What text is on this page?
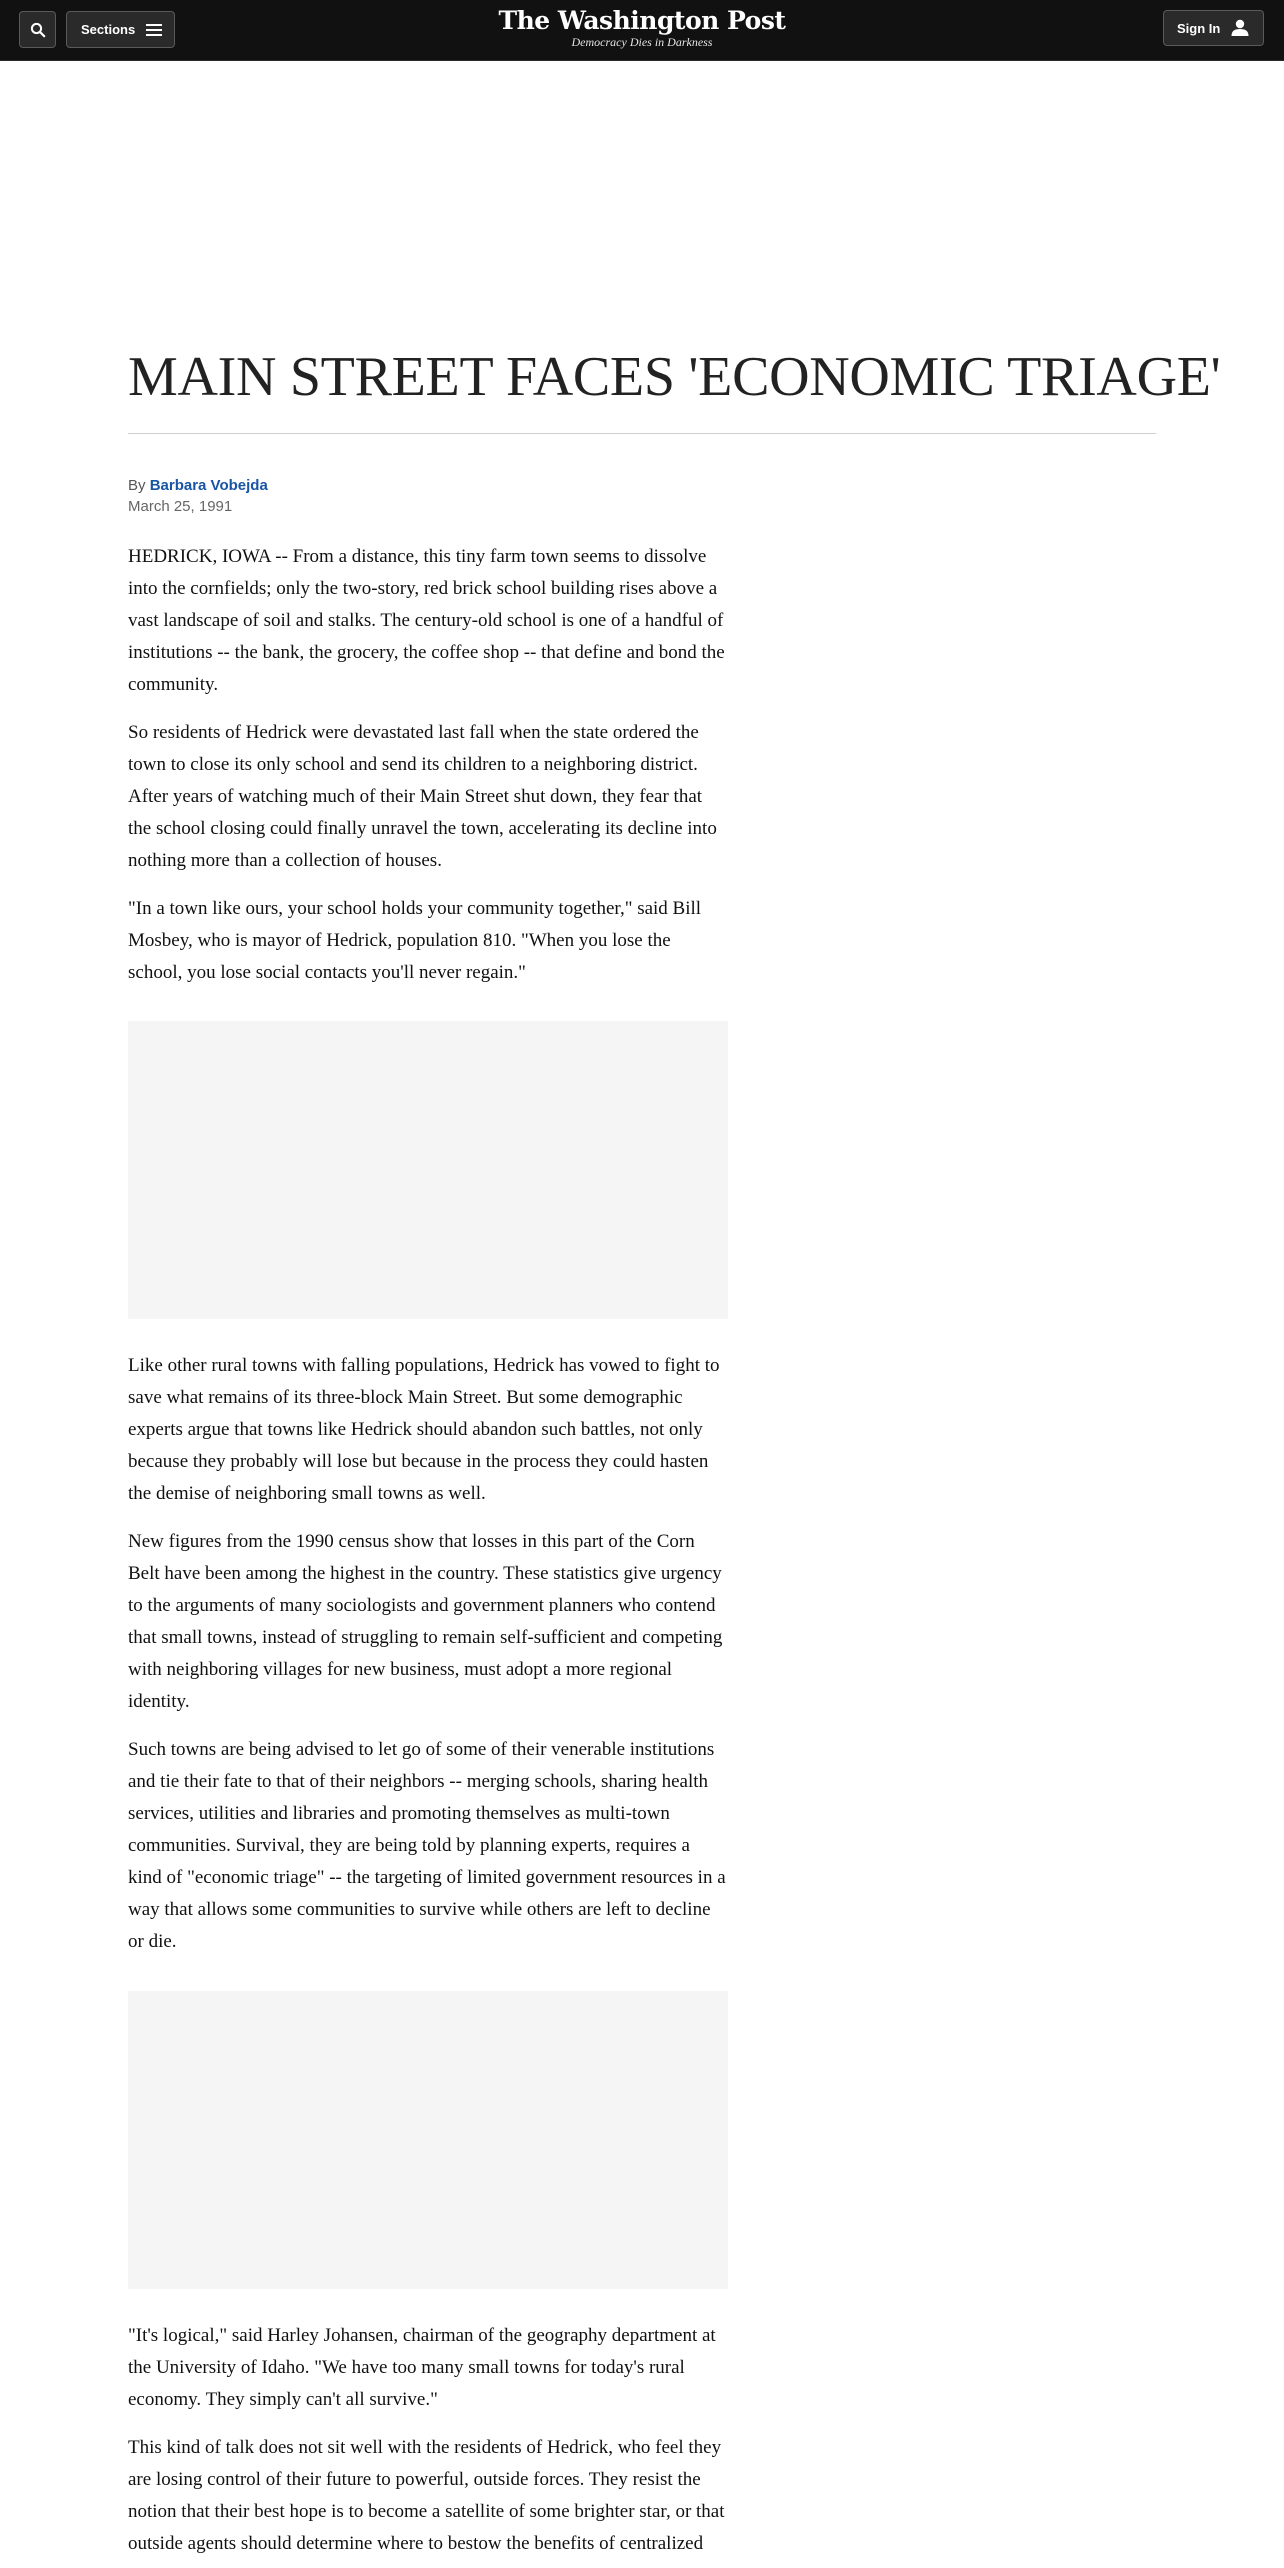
Sections	The Washington Post
Democracy Dies in Darkness
Sign In
MAIN STREET FACES 'ECONOMIC TRIAGE'
By Barbara Vobejda
March 25, 1991

HEDRICK, IOWA -- From a distance, this tiny farm town seems to dissolve into the cornfields; only the two-story, red brick school building rises above a vast landscape of soil and stalks. The century-old school is one of a handful of institutions -- the bank, the grocery, the coffee shop -- that define and bond the community.

So residents of Hedrick were devastated last fall when the state ordered the town to close its only school and send its children to a neighboring district. After years of watching much of their Main Street shut down, they fear that the school closing could finally unravel the town, accelerating its decline into nothing more than a collection of houses.

"In a town like ours, your school holds your community together," said Bill Mosbey, who is mayor of Hedrick, population 810. "When you lose the school, you lose social contacts you'll never regain."

Like other rural towns with falling populations, Hedrick has vowed to fight to save what remains of its three-block Main Street. But some demographic experts argue that towns like Hedrick should abandon such battles, not only because they probably will lose but because in the process they could hasten the demise of neighboring small towns as well.

New figures from the 1990 census show that losses in this part of the Corn Belt have been among the highest in the country. These statistics give urgency to the arguments of many sociologists and government planners who contend that small towns, instead of struggling to remain self-sufficient and competing with neighboring villages for new business, must adopt a more regional identity.

Such towns are being advised to let go of some of their venerable institutions and tie their fate to that of their neighbors -- merging schools, sharing health services, utilities and libraries and promoting themselves as multi-town communities. Survival, they are being told by planning experts, requires a kind of "economic triage" -- the targeting of limited government resources in a way that allows some communities to survive while others are left to decline or die.

"It's logical," said Harley Johansen, chairman of the geography department at the University of Idaho. "We have too many small towns for today's rural economy. They simply can't all survive."

This kind of talk does not sit well with the residents of Hedrick, who feel they are losing control of their future to powerful, outside forces. They resist the notion that their best hope is to become a satellite of some brighter star, or that outside agents should determine where to bestow the benefits of centralized
